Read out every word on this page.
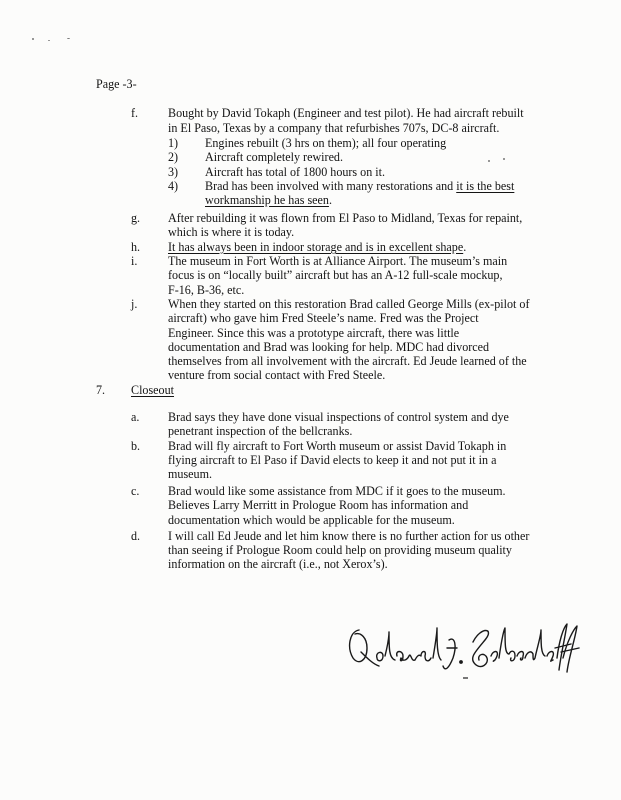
Page -3-
f. Bought by David Tokaph (Engineer and test pilot). He had aircraft rebuilt
in El Paso, Texas by a company that refurbishes 707s, DC-8 aircraft.
1) Engines rebuilt (3 hrs on them); all four operating
2) Aircraft completely rewired.
3) Aircraft has total of 1800 hours on it.
4) Brad has been involved with many restorations and it is the best
workmanship he has seen.
g. After rebuilding it was flown from El Paso to Midland, Texas for repaint,
which is where it is today.
h. It has always been in indoor storage and is in excellent shape.
i.	The museum in Fort Worth is at Alliance Airport. The museum’s main
focus is on “locally built” aircraft but has an A-12 full-scale mockup,
F-16, B-36, etc.
j.	When they started on this restoration Brad called George Mills (ex-pilot of
aircraft) who gave him Fred Steele’s name. Fred was the Project
Engineer. Since this was a prototype aircraft, there was little
documentation and Brad was looking for help. MDC had divorced
themselves from all involvement with the aircraft. Ed Jeude learned of the
venture from social contact with Fred Steele.
7. Closeout
a. Brad says they have done visual inspections of control system and dye
penetrant inspection of the bellcranks.
b. Brad will fly aircraft to Fort Worth museum or assist David Tokaph in
flying aircraft to El Paso if David elects to keep it and not put it in a
museum.
c. Brad would like some assistance from MDC if it goes to the museum.
Believes Larry Merritt in Prologue Room has information and
documentation which would be applicable for the museum.
d. I will call Ed Jeude and let him know there is no further action for us other
than seeing if Prologue Room could help on providing museum quality
information on the aircraft (i.e., not Xerox’s).
